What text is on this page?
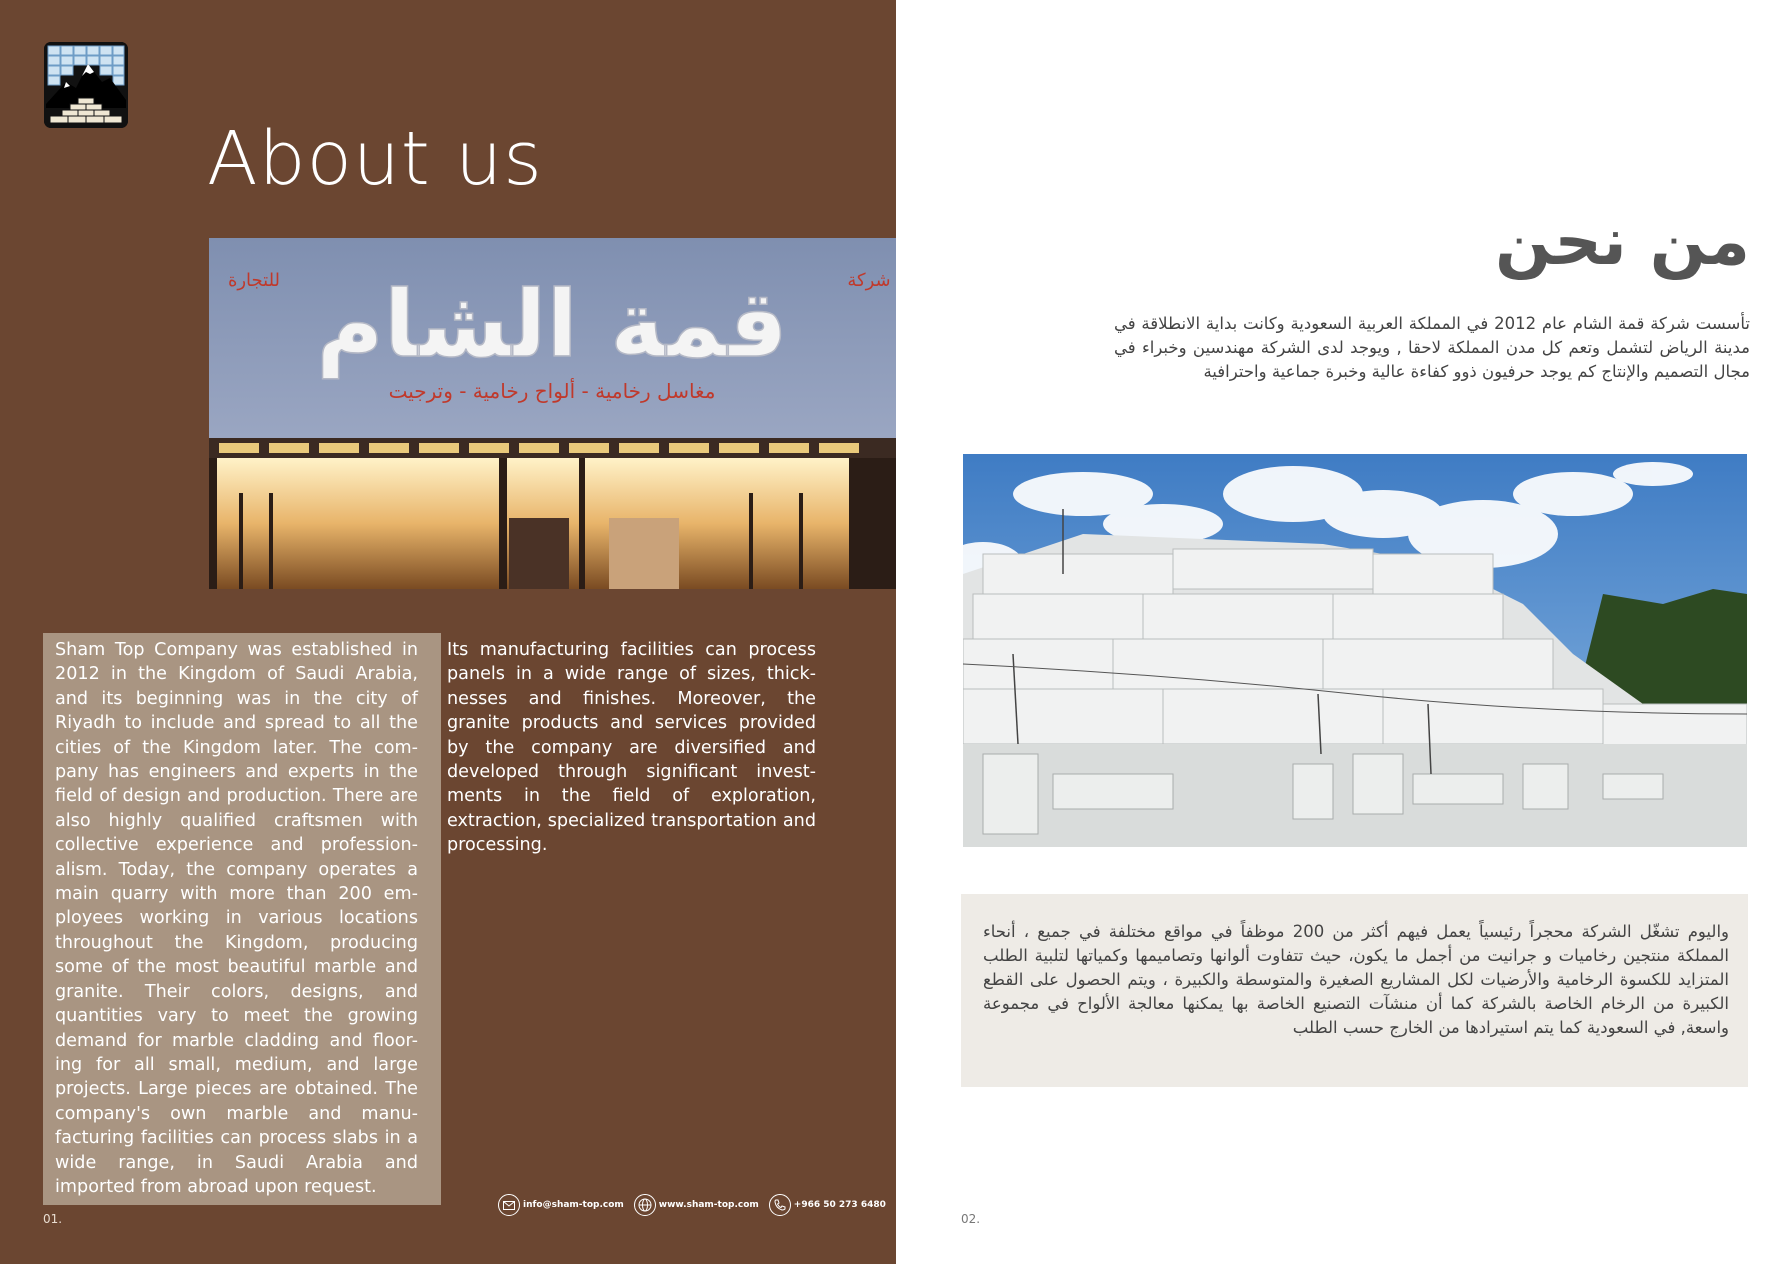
About us
قمة الشام
للتجارة	شركة
مغاسل رخامية - ألواح رخامية - وترجيت

Sham Top Company was established in 2012 in the Kingdom of Saudi Arabia, and its beginning was in the city of Riyadh to include and spread to all the cities of the Kingdom later. The com-pany has engineers and experts in the field of design and production. There are also highly qualified craftsmen with collective experience and profession-alism. Today, the company operates a main quarry with more than 200 em-ployees working in various locations throughout the Kingdom, producing some of the most beautiful marble and granite. Their colors, designs, and quantities vary to meet the growing demand for marble cladding and floor-ing for all small, medium, and large projects. Large pieces are obtained. The company's own marble and manu-facturing facilities can process slabs in a wide range, in Saudi Arabia and imported from abroad upon request.

Its manufacturing facilities can process panels in a wide range of sizes, thick-nesses and finishes. Moreover, the granite products and services provided by the company are diversified and developed through significant invest-ments in the field of exploration, extraction, specialized transportation and processing.

info@sham-top.com	www.sham-top.com	+966 50 273 6480
01.
من نحن

تأسست شركة قمة الشام عام 2012 في المملكة العربية السعودية وكانت بداية الانطلاقة في مدينة الرياض لتشمل وتعم كل مدن المملكة لاحقا , ويوجد لدى الشركة مهندسين وخبراء في مجال التصميم والإنتاج كم يوجد حرفيون ذوو كفاءة عالية وخبرة جماعية واحترافية

واليوم تشغّل الشركة محجراً رئيسياً يعمل فيهم أكثر من 200 موظفاً في مواقع مختلفة في جميع ، أنحاء المملكة منتجين رخاميات و جرانيت من أجمل ما يكون، حيث تتفاوت ألوانها وتصاميمها وكمياتها لتلبية الطلب المتزايد للكسوة الرخامية والأرضيات لكل المشاريع الصغيرة والمتوسطة والكبيرة ، ويتم الحصول على القطع الكبيرة من الرخام الخاصة بالشركة كما أن منشآت التصنيع الخاصة بها يمكنها معالجة الألواح في مجموعة واسعة, في السعودية كما يتم استيرادها من الخارج حسب الطلب

02.
